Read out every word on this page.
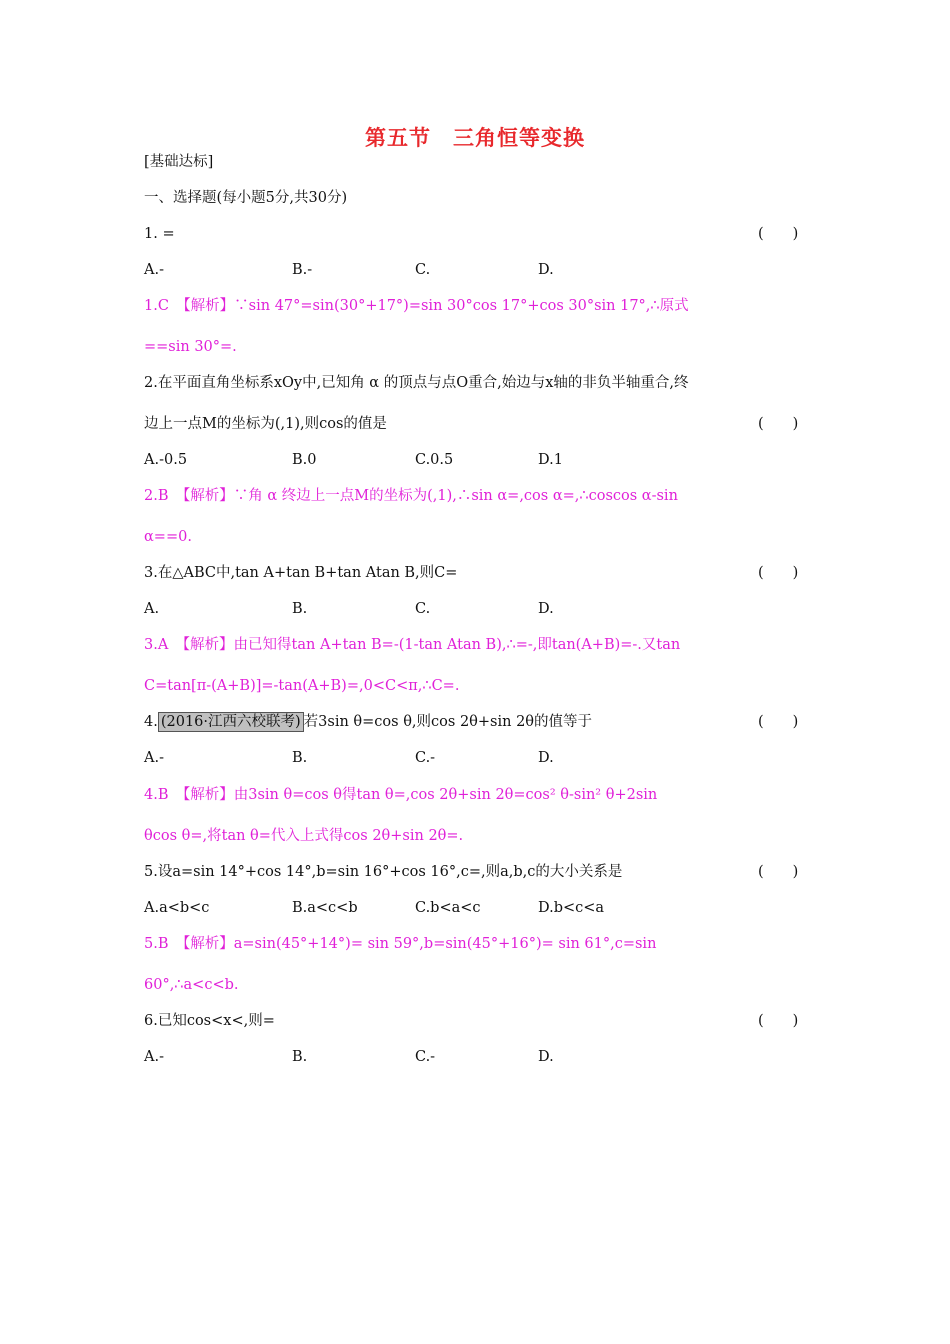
第五节　三角恒等变换
[基础达标]
一、选择题(每小题5分,共30分)
1. =	(　　)
A.-	B.-	C.	D.
1.C　【解析】∵sin 47°=sin(30°+17°)=sin 30°cos 17°+cos 30°sin 17°,∴原式
==sin 30°=.
2.在平面直角坐标系xOy中,已知角 α 的顶点与点O重合,始边与x轴的非负半轴重合,终
边上一点M的坐标为(,1),则cos的值是	(　　)
A.-0.5	B.0	C.0.5	D.1
2.B　【解析】∵角 α 终边上一点M的坐标为(,1),∴sin α=,cos α=,∴coscos α-sin
α==0.
3.在△ABC中,tan A+tan B+tan Atan B,则C=	(　　)
A.	B.	C.	D.
3.A　【解析】由已知得tan A+tan B=-(1-tan Atan B),∴=-,即tan(A+B)=-.又tan
C=tan[π-(A+B)]=-tan(A+B)=,0<C<π,∴C=.
4. (2016·江西六校联考) 若3sin θ=cos θ,则cos 2θ+sin 2θ的值等于	(　　)
A.-	B.	C.-	D.
4.B　【解析】由3sin θ=cos θ得tan θ=,cos 2θ+sin 2θ=cos² θ-sin² θ+2sin
θcos θ=,将tan θ=代入上式得cos 2θ+sin 2θ=.
5.设a=sin 14°+cos 14°,b=sin 16°+cos 16°,c=,则a,b,c的大小关系是	(　　)
A.a<b<c	B.a<c<b	C.b<a<c	D.b<c<a
5.B　【解析】a=sin(45°+14°)= sin 59°,b=sin(45°+16°)= sin 61°,c=sin
60°,∴a<c<b.
6.已知cos<x<,则=	(　　)
A.-	B.	C.-	D.
